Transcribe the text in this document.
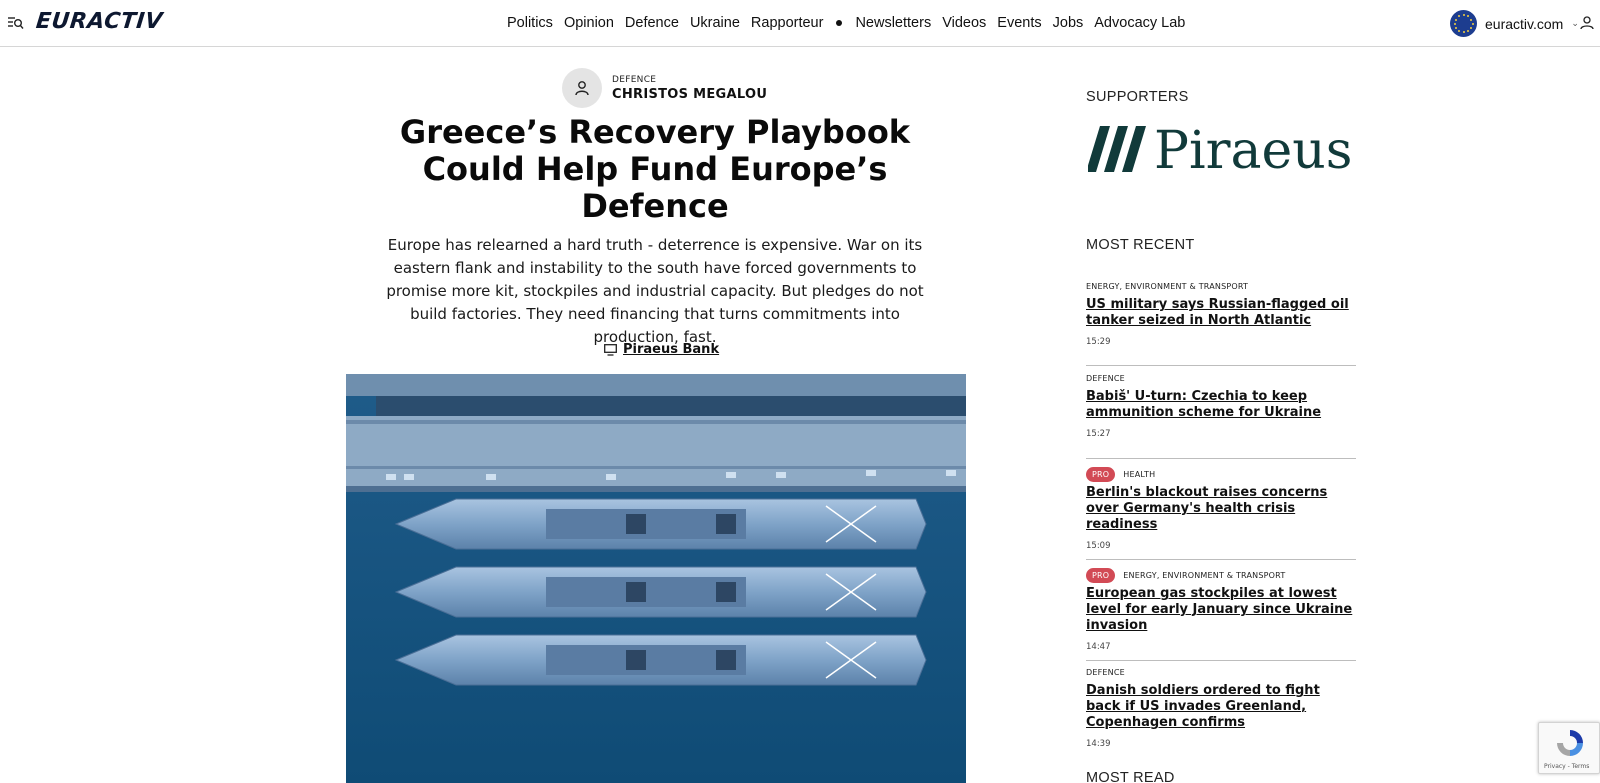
EURACTIV	Politics Opinion Defence Ukraine Rapporteur Newsletters Videos Events Jobs Advocacy Lab	euractiv.com ⌄
DEFENCE
CHRISTOS MEGALOU
Greece’s Recovery Playbook Could Help Fund Europe’s Defence

Europe has relearned a hard truth - deterrence is expensive. War on its eastern flank and instability to the south have forced governments to promise more kit, stockpiles and industrial capacity. But pledges do not build factories. They need financing that turns commitments into production, fast.

Piraeus Bank
SUPPORTERS
Piraeus
MOST RECENT
ENERGY, ENVIRONMENT & TRANSPORT
US military says Russian-flagged oil tanker seized in North Atlantic
15:29
DEFENCE
Babiš' U-turn: Czechia to keep ammunition scheme for Ukraine
15:27
PRO	HEALTH
Berlin's blackout raises concerns over Germany's health crisis readiness
15:09
PRO	ENERGY, ENVIRONMENT & TRANSPORT
European gas stockpiles at lowest level for early January since Ukraine invasion
14:47
DEFENCE
Danish soldiers ordered to fight back if US invades Greenland, Copenhagen confirms
14:39
MOST READ
Privacy - Terms
